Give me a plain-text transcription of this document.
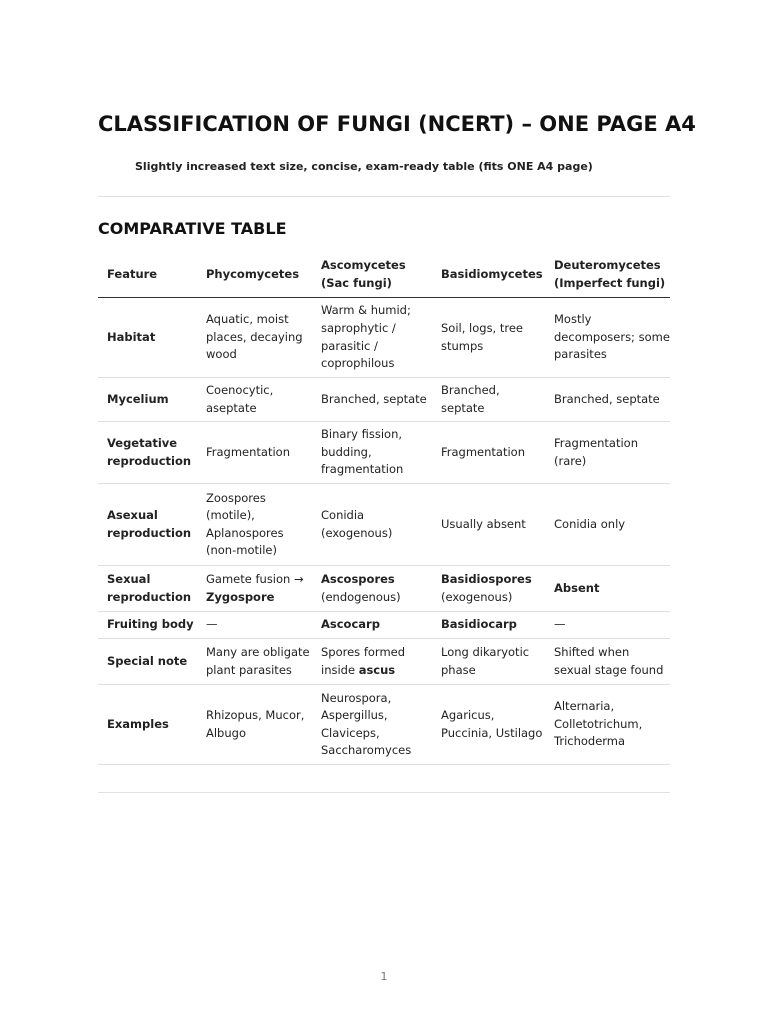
CLASSIFICATION OF FUNGI (NCERT) – ONE PAGE A4
Slightly increased text size, concise, exam-ready table (fits ONE A4 page)
COMPARATIVE TABLE
Feature	Phycomycetes	Ascomycetes (Sac fungi)	Basidiomycetes	Deuteromycetes (Imperfect fungi)
Habitat	Aquatic, moist places, decaying wood	Warm & humid; saprophytic / parasitic / coprophilous	Soil, logs, tree stumps	Mostly decomposers; some parasites
Mycelium	Coenocytic, aseptate	Branched, septate	Branched, septate	Branched, septate
Vegetative reproduction	Fragmentation	Binary fission, budding, fragmentation	Fragmentation	Fragmentation (rare)
Asexual reproduction	Zoospores (motile), Aplanospores (non-motile)	Conidia (exogenous)	Usually absent	Conidia only
Sexual reproduction	Gamete fusion → Zygospore	Ascospores (endogenous)	Basidiospores (exogenous)	Absent
Fruiting body	—	Ascocarp	Basidiocarp	—
Special note	Many are obligate plant parasites	Spores formed inside ascus	Long dikaryotic phase	Shifted when sexual stage found
Examples	Rhizopus, Mucor, Albugo	Neurospora, Aspergillus, Claviceps, Saccharomyces	Agaricus, Puccinia, Ustilago	Alternaria, Colletotrichum, Trichoderma
1
